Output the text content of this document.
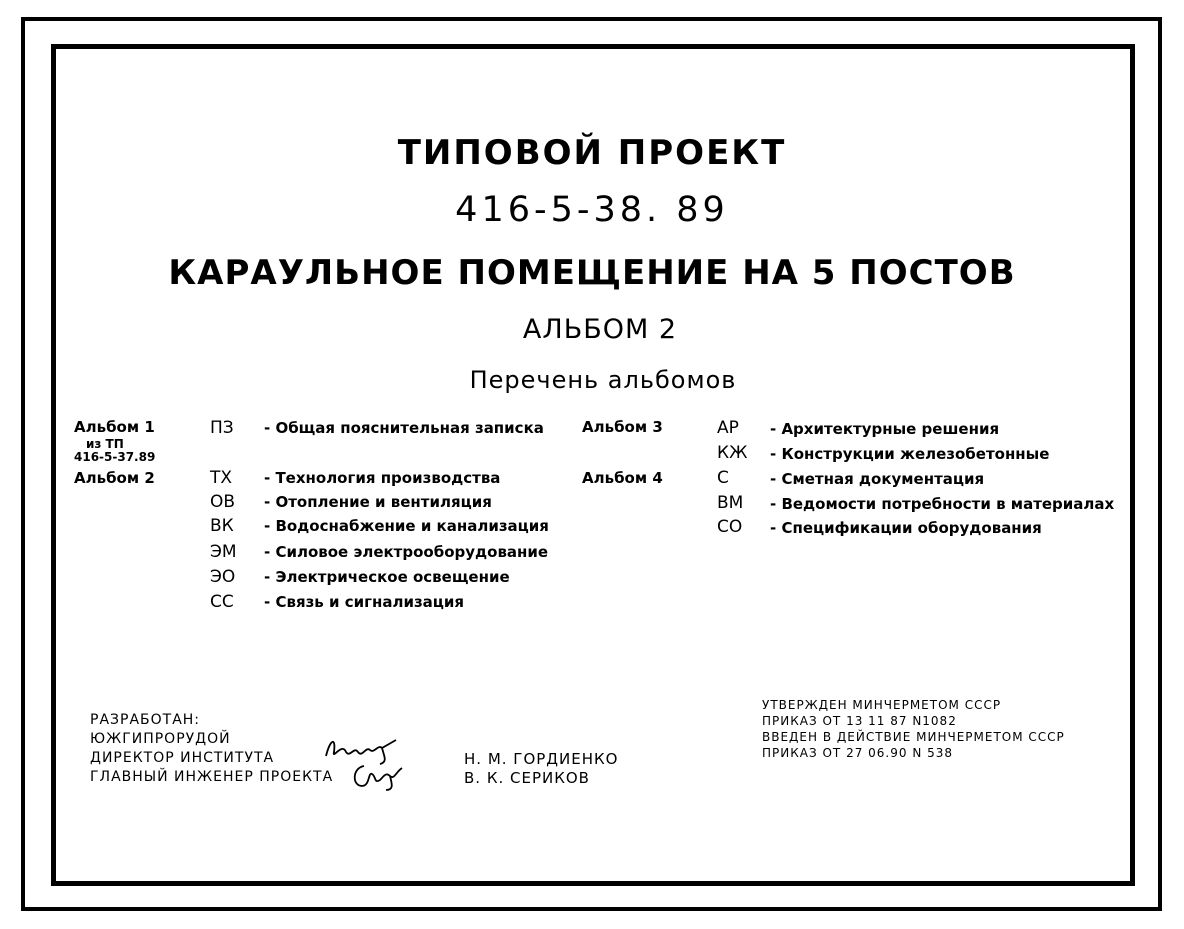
ТИПОВОЙ ПРОЕКТ
416-5-38. 89
КАРАУЛЬНОЕ ПОМЕЩЕНИЕ НА 5 ПОСТОВ
АЛЬБОМ 2
Перечень альбомов
Альбом 1
из ТП
416-5-37.89
Альбом 2
ПЗ - Общая пояснительная записка
ТХ - Технология производства
ОВ - Отопление и вентиляция
ВК - Водоснабжение и канализация
ЭМ - Силовое электрооборудование
ЭО - Электрическое освещение
СС - Связь и сигнализация
Альбом 3
Альбом 4
АР - Архитектурные решения
КЖ - Конструкции железобетонные
С	- Сметная документация
ВМ - Ведомости потребности в материалах
СО - Спецификации оборудования
РАЗРАБОТАН:
ЮЖГИПРОРУДОЙ
ДИРЕКТОР ИНСТИТУТА
ГЛАВНЫЙ ИНЖЕНЕР ПРОЕКТА
Н. М. ГОРДИЕНКО
В. К. СЕРИКОВ
УТВЕРЖДЕН МИНЧЕРМЕТОМ СССР
ПРИКАЗ ОТ 13 11 87 N1082
ВВЕДЕН В ДЕЙСТВИЕ МИНЧЕРМЕТОМ СССР
ПРИКАЗ ОТ 27 06.90 N 538
